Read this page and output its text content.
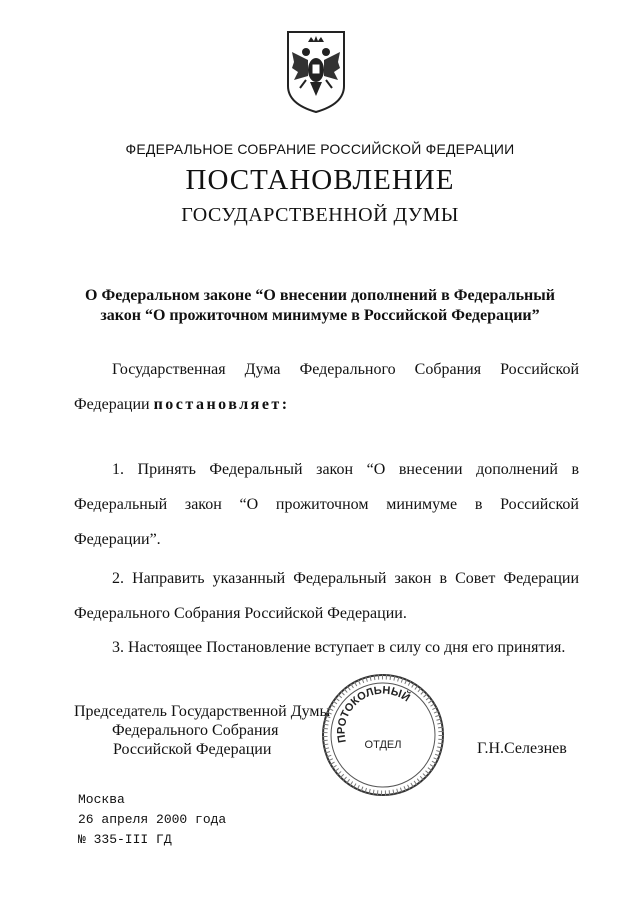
ФЕДЕРАЛЬНОЕ СОБРАНИЕ РОССИЙСКОЙ ФЕДЕРАЦИИ
ПОСТАНОВЛЕНИЕ
ГОСУДАРСТВЕННОЙ ДУМЫ
О Федеральном законе “О внесении дополнений в Федеральный
закон “О прожиточном минимуме в Российской Федерации”
Государственная Дума Федерального Собрания Российской Федерации постановляет:
1. Принять Федеральный закон “О внесении дополнений в Федеральный закон “О прожиточном минимуме в Российской Федерации”.
2. Направить указанный Федеральный закон в Совет Федерации Федерального Собрания Российской Федерации.
3. Настоящее Постановление вступает в силу со дня его принятия.
Председатель Государственной Думы
Федерального Собрания
Российской Федерации
ПРОТОКОЛЬНЫЙ
ОТДЕЛ	Г.Н.Селезнев
Москва
26 апреля 2000 года
№ 335-III ГД
